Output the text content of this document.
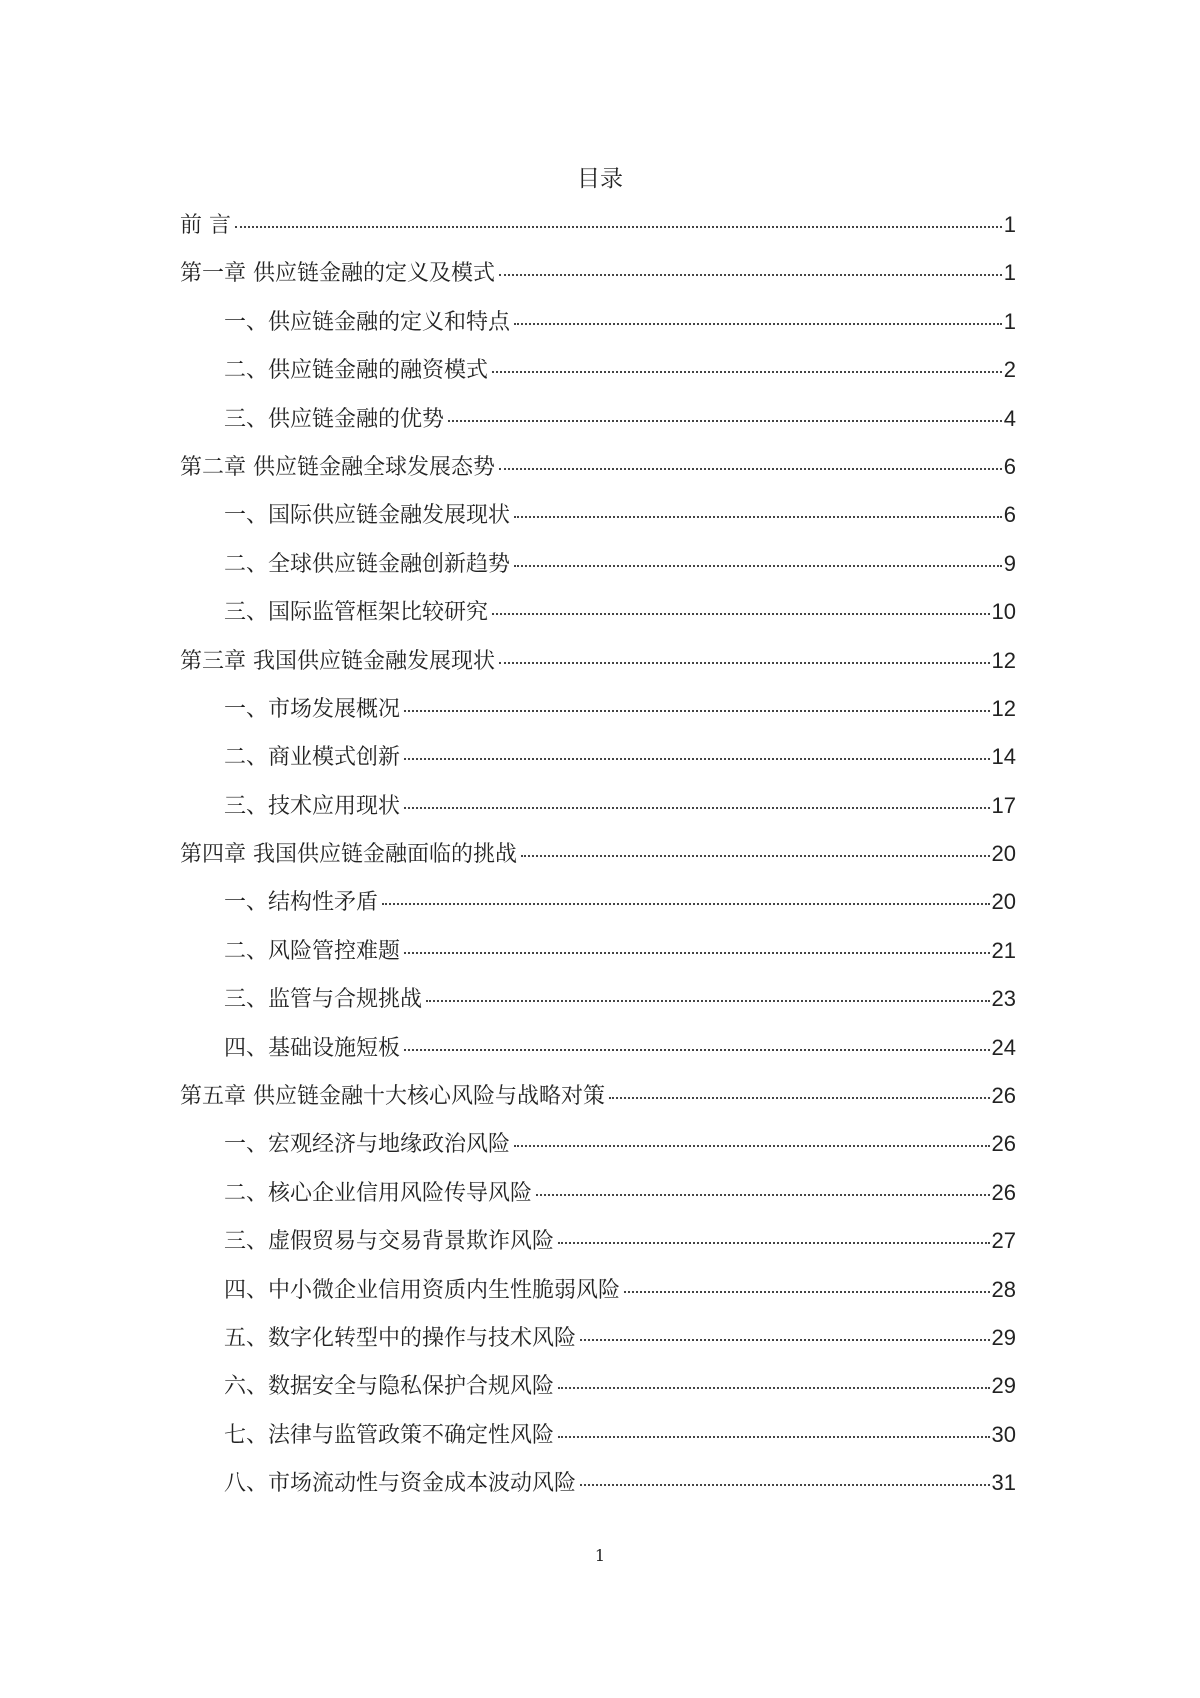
目录
前 言	1
第一章 供应链金融的定义及模式	1
一、供应链金融的定义和特点	1
二、供应链金融的融资模式	2
三、供应链金融的优势	4
第二章 供应链金融全球发展态势	6
一、国际供应链金融发展现状	6
二、全球供应链金融创新趋势	9
三、国际监管框架比较研究	10
第三章 我国供应链金融发展现状	12
一、市场发展概况	12
二、商业模式创新	14
三、技术应用现状	17
第四章 我国供应链金融面临的挑战	20
一、结构性矛盾	20
二、风险管控难题	21
三、监管与合规挑战	23
四、基础设施短板	24
第五章 供应链金融十大核心风险与战略对策	26
一、宏观经济与地缘政治风险	26
二、核心企业信用风险传导风险	26
三、虚假贸易与交易背景欺诈风险	27
四、中小微企业信用资质内生性脆弱风险	28
五、数字化转型中的操作与技术风险	29
六、数据安全与隐私保护合规风险	29
七、法律与监管政策不确定性风险	30
八、市场流动性与资金成本波动风险	31
1
